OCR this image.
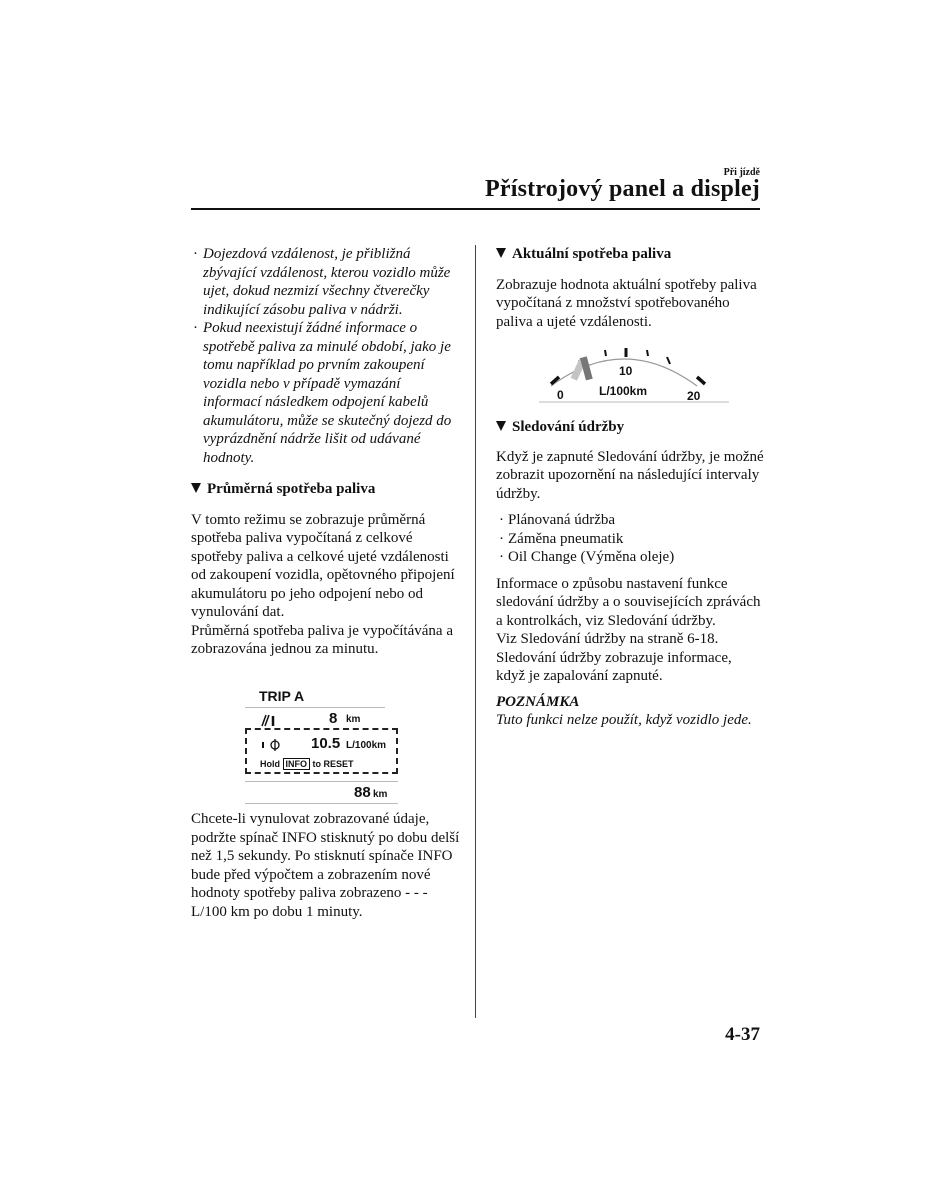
Při jízdě
Přístrojový panel a displej
· Dojezdová vzdálenost, je přibližná zbývající vzdálenost, kterou vozidlo může ujet, dokud nezmizí všechny čtverečky indikující zásobu paliva v nádrži.
· Pokud neexistují žádné informace o spotřebě paliva za minulé období, jako je tomu například po prvním zakoupení vozidla nebo v případě vymazání informací následkem odpojení kabelů akumulátoru, může se skutečný dojezd do vyprázdnění nádrže lišit od udávané hodnoty.
Průměrná spotřeba paliva

V tomto režimu se zobrazuje průměrná spotřeba paliva vypočítaná z celkové spotřeby paliva a celkové ujeté vzdálenosti od zakoupení vozidla, opětovného připojení akumulátoru po jeho odpojení nebo od vynulování dat.

Průměrná spotřeba paliva je vypočítávána a zobrazována jednou za minutu.

TRIP A
8 km
10.5 L/100km
Hold INFO to RESET
88 km
Chcete-li vynulovat zobrazované údaje, podržte spínač INFO stisknutý po dobu delší než 1,5 sekundy. Po stisknutí spínače INFO bude před výpočtem a zobrazením nové hodnoty spotřeby paliva zobrazeno - - - L/100 km po dobu 1 minuty.
Aktuální spotřeba paliva

Zobrazuje hodnota aktuální spotřeby paliva vypočítaná z množství spotřebovaného paliva a ujeté vzdálenosti.

0
10
20
L/100km
Sledování údržby

Když je zapnuté Sledování údržby, je možné zobrazit upozornění na následující intervaly údržby.

· Plánovaná údržba
· Záměna pneumatik
· Oil Change (Výměna oleje)

Informace o způsobu nastavení funkce sledování údržby a o souvisejících zprávách a kontrolkách, viz Sledování údržby.

Viz Sledování údržby na straně 6-18.

Sledování údržby zobrazuje informace, když je zapalování zapnuté.

POZNÁMKA

Tuto funkci nelze použít, když vozidlo jede.

4-37
